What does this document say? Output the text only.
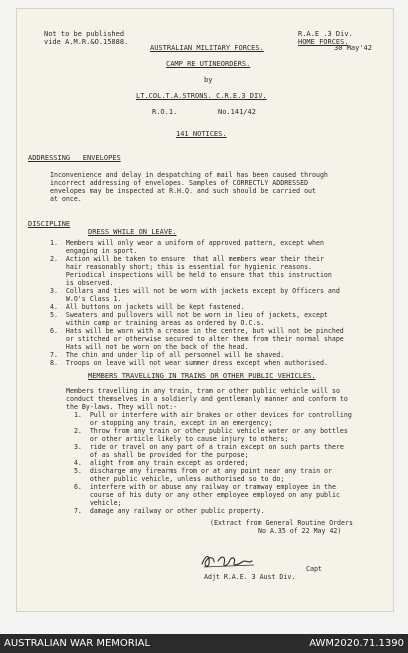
Not to be published
vide A.M.R.&O.15888.
R.A.E .3 Div.
HOME FORCES.
30 May'42
AUSTRALIAN MILITARY FORCES.
CAMP RE UTINEORDERS.
by
LT.COL.T.A.STRONS. C.R.E.3 DIV.
R.O.1.	No.141/42
141 NOTICES.
ADDRESSING   ENVELOPES
Inconvenience and delay in despatching of mail has been caused through
incorrect addressing of envelopes. Samples of CORRECTLY ADDRESSED
envelopes may be inspected at R.H.Q. and such should be carried out
at once.
DISCIPLINE
DRESS WHILE ON LEAVE.
1.  Members will only wear a uniform of approved pattern, except when
engaging in sport.
2.  Action will be taken to ensure  that all members wear their their
hair reasonably short; this is essential for hygienic reasons.
Periodical inspections will be held to ensure that this instruction
is observed.
3.  Collars and ties will not be worn with jackets except by Officers and
W.O's Class 1.
4.  All buttons on jackets will be kept fastened.
5.  Sweaters and pullovers will not be worn in lieu of jackets, except
within camp or training areas as ordered by O.C.s.
6.  Hats will be worn with a crease in the centre, but will not be pinched
or stitched or otherwise secured to alter them from their normal shape
Hats will not be worn on the back of the head.
7.  The chin and under lip of all personnel will be shaved.
8.  Troops on leave will not wear summer dress except when authorised.
MEMBERS TRAVELLING IN TRAINS OR OTHER PUBLIC VEHICLES.
Members travelling in any train, tram or other public vehicle will so
conduct themselves in a soldierly and gentlemanly manner and conform to
the By-laws. They will not:-
1.  Pull or interfere with air brakes or other devices for controlling
or stopping any train, except in an emergency;
2.  Throw from any train or other public vehicle water or any bottles
or other article likely to cause injury to others;
3.  ride or travel on any part of a train except on such parts there
of as shall be provided for the purpose;
4.  alight from any train except as ordered;
5.  discharge any firearms from or at any point near any train or
other public vehicle, unless authorised so to do;
6.  interfere with or abuse any railway or tramway employee in the
course of his duty or any other employee employed on any public
vehicle;
7.  damage any railway or other public property.
(Extract from General Routine Orders
No A.35 of 22 May 42)
Capt
Adjt R.A.E. 3 Aust Div.
AUSTRALIAN WAR MEMORIAL	AWM2020.71.1390
